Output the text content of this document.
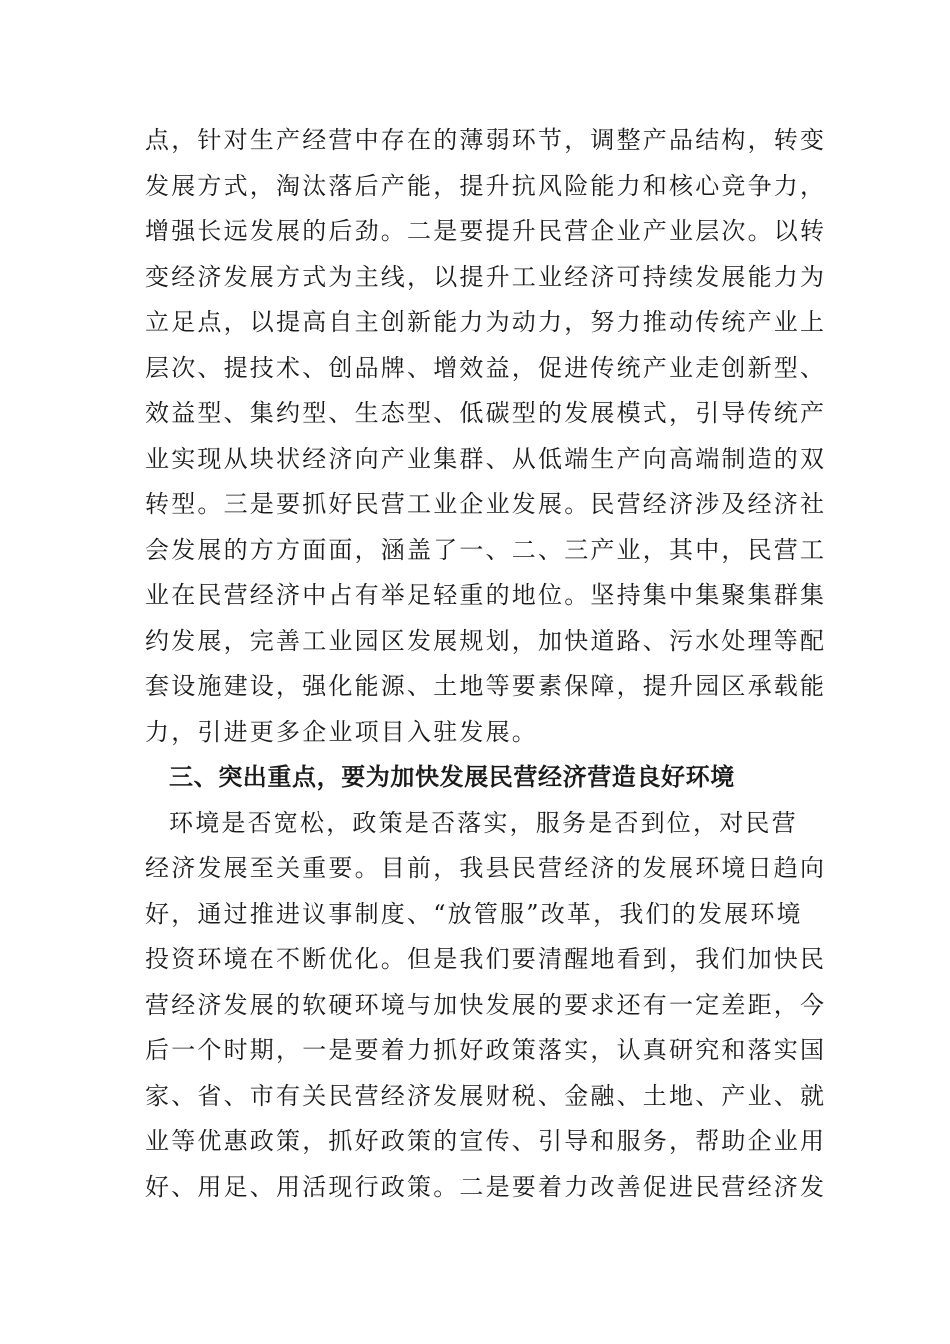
点，针对生产经营中存在的薄弱环节，调整产品结构，转变
发展方式，淘汰落后产能，提升抗风险能力和核心竞争力，
增强长远发展的后劲。二是要提升民营企业产业层次。以转
变经济发展方式为主线，以提升工业经济可持续发展能力为
立足点，以提高自主创新能力为动力，努力推动传统产业上
层次、提技术、创品牌、增效益，促进传统产业走创新型、
效益型、集约型、生态型、低碳型的发展模式，引导传统产
业实现从块状经济向产业集群、从低端生产向高端制造的双
转型。三是要抓好民营工业企业发展。民营经济涉及经济社
会发展的方方面面，涵盖了一、二、三产业，其中，民营工
业在民营经济中占有举足轻重的地位。坚持集中集聚集群集
约发展，完善工业园区发展规划，加快道路、污水处理等配
套设施建设，强化能源、土地等要素保障，提升园区承载能
力，引进更多企业项目入驻发展。
三、突出重点，要为加快发展民营经济营造良好环境
环境是否宽松，政策是否落实，服务是否到位，对民营
经济发展至关重要。目前，我县民营经济的发展环境日趋向
好，通过推进议事制度、“放管服”改革，我们的发展环境
投资环境在不断优化。但是我们要清醒地看到，我们加快民
营经济发展的软硬环境与加快发展的要求还有一定差距，今
后一个时期，一是要着力抓好政策落实，认真研究和落实国
家、省、市有关民营经济发展财税、金融、土地、产业、就
业等优惠政策，抓好政策的宣传、引导和服务，帮助企业用
好、用足、用活现行政策。二是要着力改善促进民营经济发
